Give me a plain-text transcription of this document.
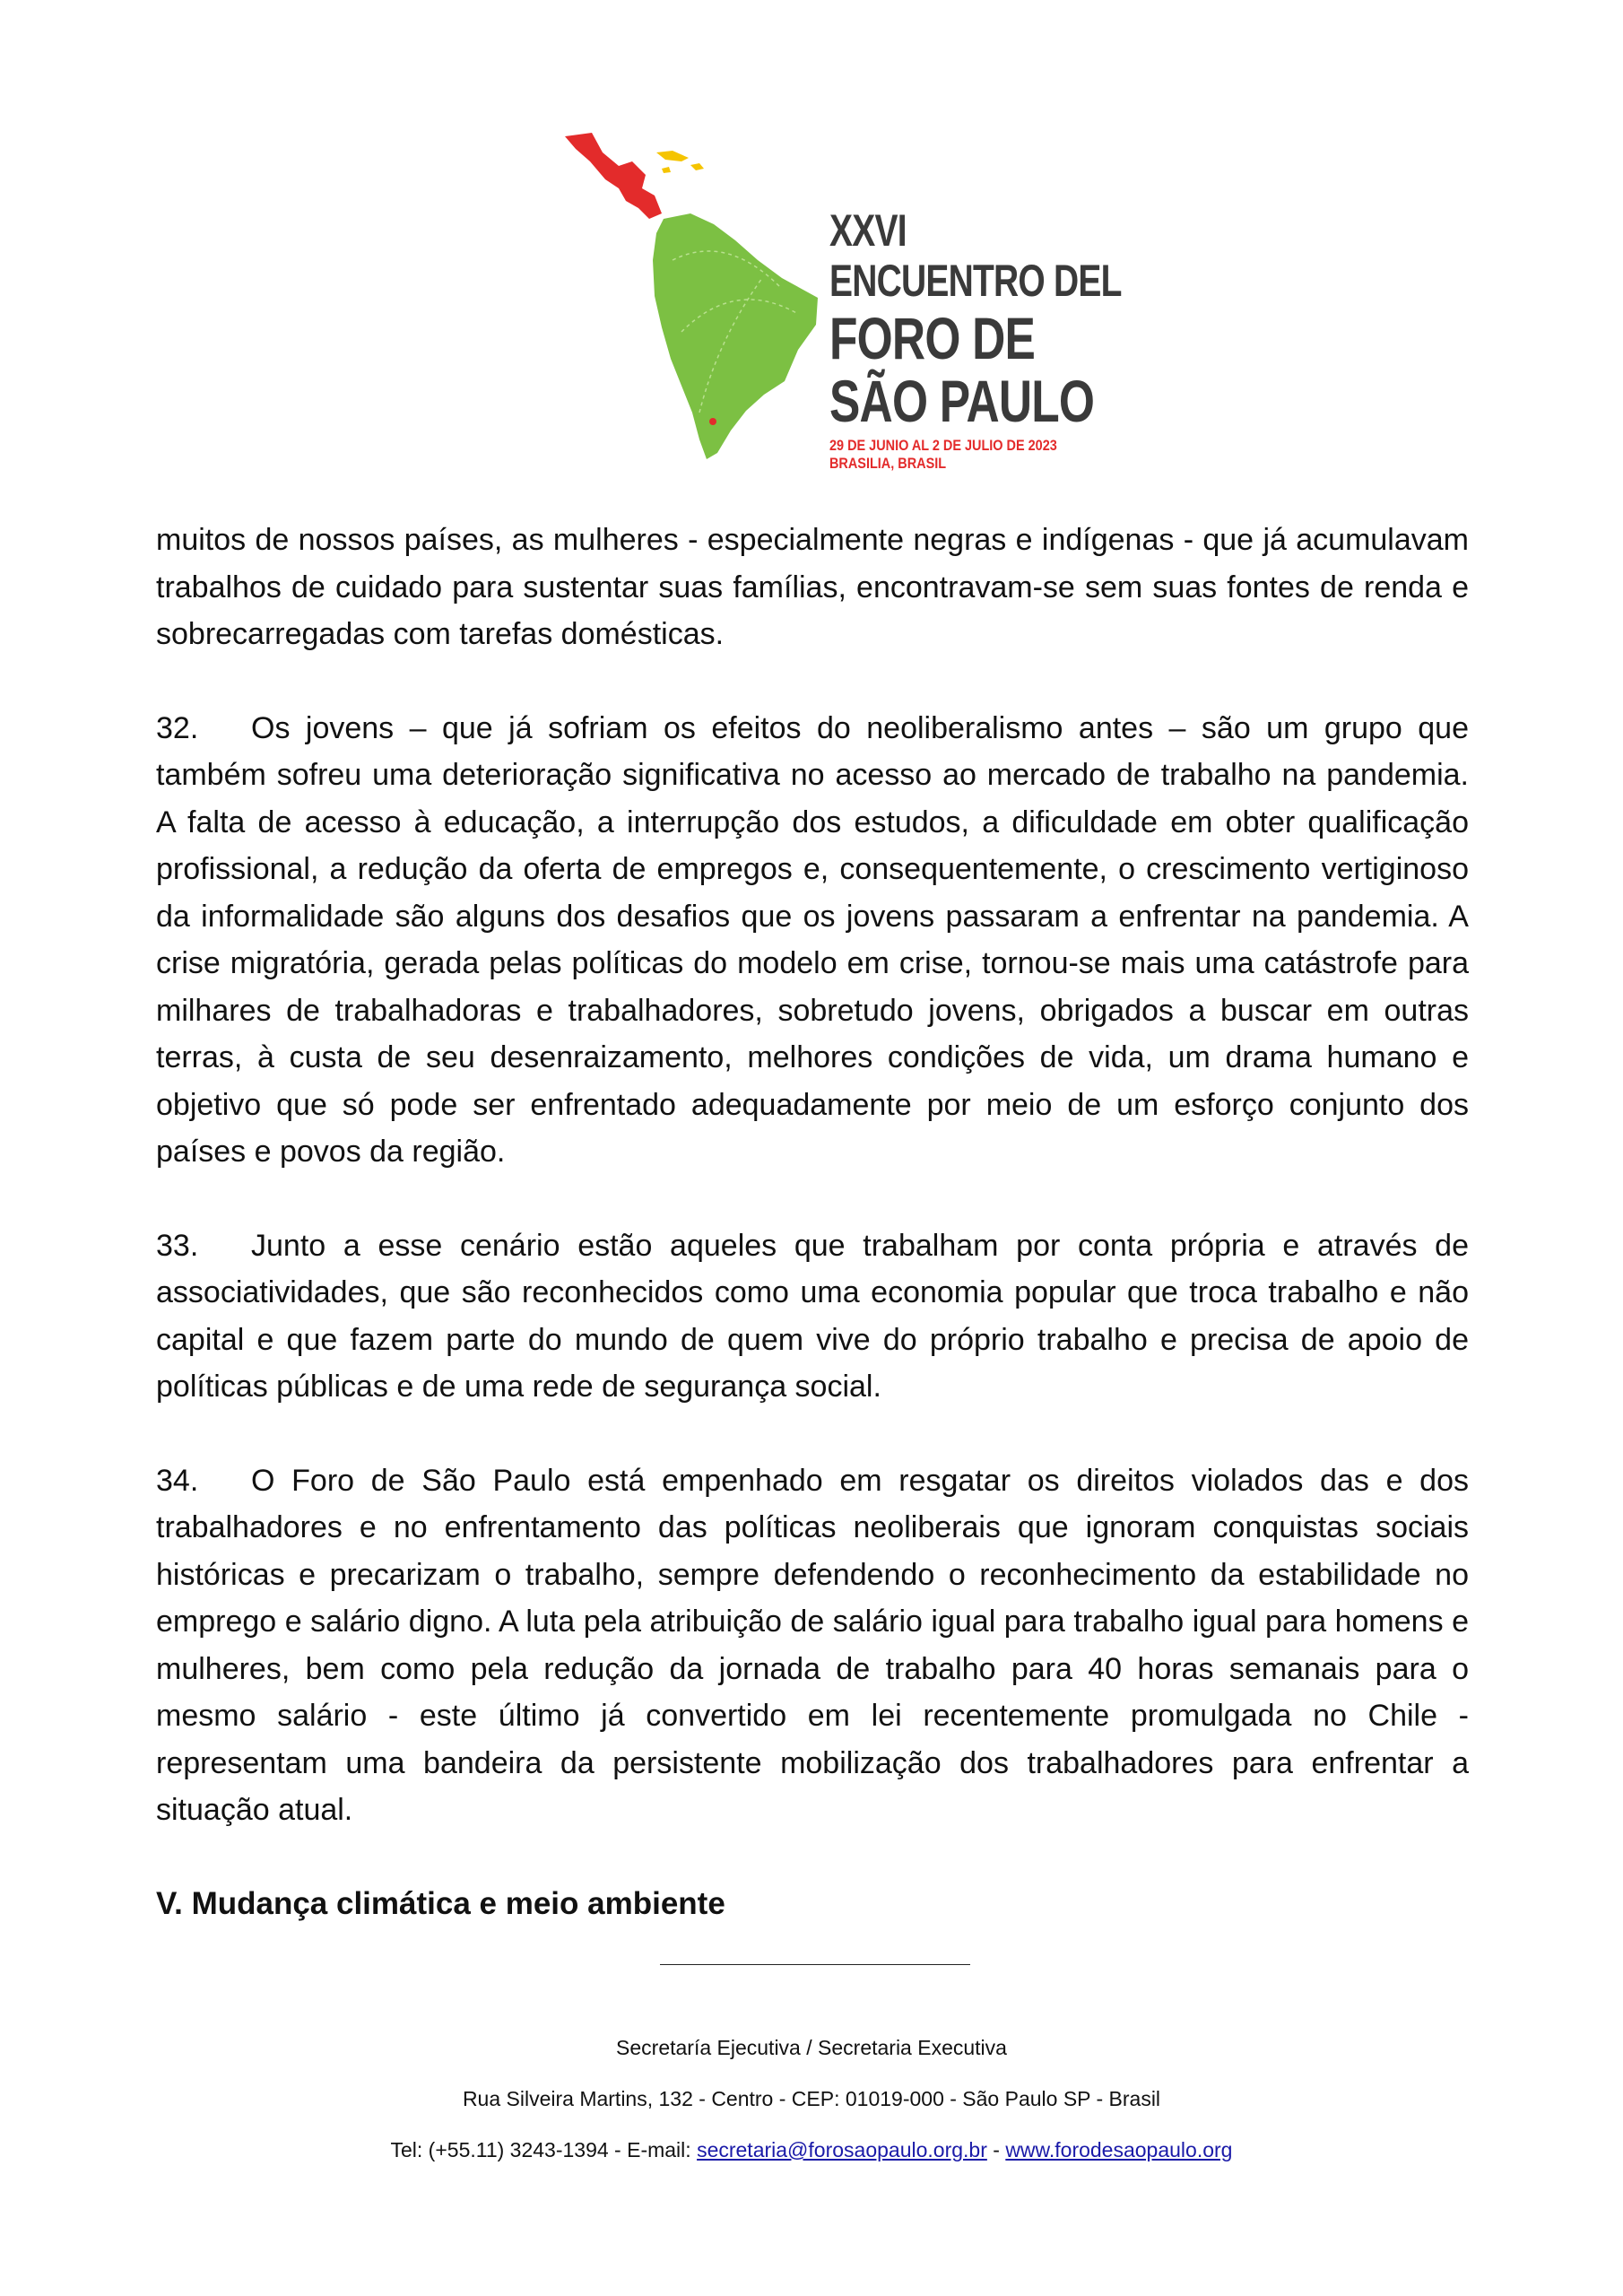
XXVI
ENCUENTRO DEL
FORO DE
SÃO PAULO
29 DE JUNIO AL 2 DE JULIO DE 2023
BRASILIA, BRASIL

muitos de nossos países, as mulheres - especialmente negras e indígenas - que já acumulavam trabalhos de cuidado para sustentar suas famílias, encontravam-se sem suas fontes de renda e sobrecarregadas com tarefas domésticas.

32. Os jovens – que já sofriam os efeitos do neoliberalismo antes – são um grupo que também sofreu uma deterioração significativa no acesso ao mercado de trabalho na pandemia. A falta de acesso à educação, a interrupção dos estudos, a dificuldade em obter qualificação profissional, a redução da oferta de empregos e, consequentemente, o crescimento vertiginoso da informalidade são alguns dos desafios que os jovens passaram a enfrentar na pandemia. A crise migratória, gerada pelas políticas do modelo em crise, tornou-se mais uma catástrofe para milhares de trabalhadoras e trabalhadores, sobretudo jovens, obrigados a buscar em outras terras, à custa de seu desenraizamento, melhores condições de vida, um drama humano e objetivo que só pode ser enfrentado adequadamente por meio de um esforço conjunto dos países e povos da região.

33. Junto a esse cenário estão aqueles que trabalham por conta própria e através de associatividades, que são reconhecidos como uma economia popular que troca trabalho e não capital e que fazem parte do mundo de quem vive do próprio trabalho e precisa de apoio de políticas públicas e de uma rede de segurança social.

34. O Foro de São Paulo está empenhado em resgatar os direitos violados das e dos trabalhadores e no enfrentamento das políticas neoliberais que ignoram conquistas sociais históricas e precarizam o trabalho, sempre defendendo o reconhecimento da estabilidade no emprego e salário digno. A luta pela atribuição de salário igual para trabalho igual para homens e mulheres, bem como pela redução da jornada de trabalho para 40 horas semanais para o mesmo salário - este último já convertido em lei recentemente promulgada no Chile - representam uma bandeira da persistente mobilização dos trabalhadores para enfrentar a situação atual.

V. Mudança climática e meio ambiente

Secretaría Ejecutiva / Secretaria Executiva
Rua Silveira Martins, 132 - Centro - CEP: 01019-000 - São Paulo SP - Brasil
Tel: (+55.11) 3243-1394 - E-mail: secretaria@forosaopaulo.org.br - www.forodesaopaulo.org
